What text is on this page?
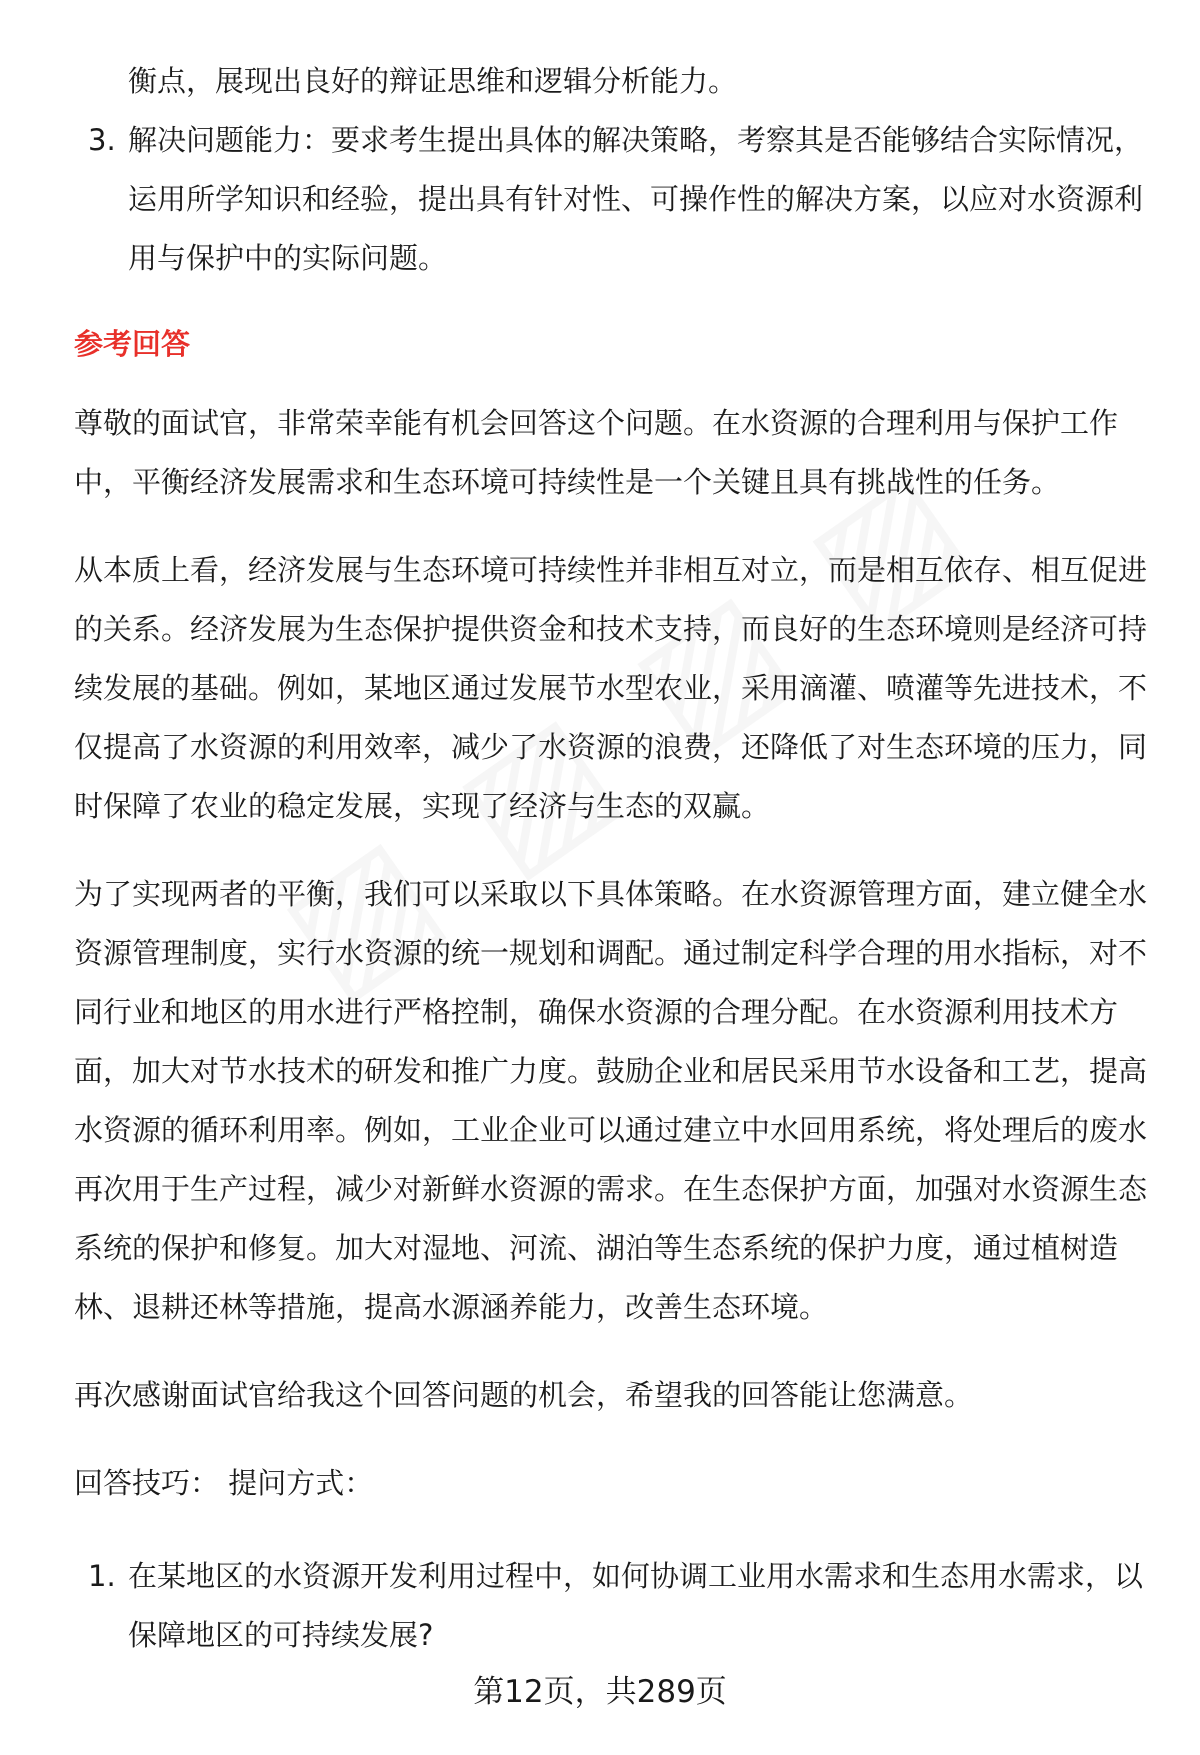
衡点，展现出良好的辩证思维和逻辑分析能力。
3. 解决问题能力：要求考生提出具体的解决策略，考察其是否能够结合实际情况，运用所学知识和经验，提出具有针对性、可操作性的解决方案，以应对水资源利用与保护中的实际问题。
参考回答

尊敬的面试官，非常荣幸能有机会回答这个问题。在水资源的合理利用与保护工作中，平衡经济发展需求和生态环境可持续性是一个关键且具有挑战性的任务。

从本质上看，经济发展与生态环境可持续性并非相互对立，而是相互依存、相互促进的关系。经济发展为生态保护提供资金和技术支持，而良好的生态环境则是经济可持续发展的基础。例如，某地区通过发展节水型农业，采用滴灌、喷灌等先进技术，不仅提高了水资源的利用效率，减少了水资源的浪费，还降低了对生态环境的压力，同时保障了农业的稳定发展，实现了经济与生态的双赢。

为了实现两者的平衡，我们可以采取以下具体策略。在水资源管理方面，建立健全水资源管理制度，实行水资源的统一规划和调配。通过制定科学合理的用水指标，对不同行业和地区的用水进行严格控制，确保水资源的合理分配。在水资源利用技术方面，加大对节水技术的研发和推广力度。鼓励企业和居民采用节水设备和工艺，提高水资源的循环利用率。例如，工业企业可以通过建立中水回用系统，将处理后的废水再次用于生产过程，减少对新鲜水资源的需求。在生态保护方面，加强对水资源生态系统的保护和修复。加大对湿地、河流、湖泊等生态系统的保护力度，通过植树造林、退耕还林等措施，提高水源涵养能力，改善生态环境。

再次感谢面试官给我这个回答问题的机会，希望我的回答能让您满意。

回答技巧： 提问方式：

1. 在某地区的水资源开发利用过程中，如何协调工业用水需求和生态用水需求，以保障地区的可持续发展?
第12页，共289页
